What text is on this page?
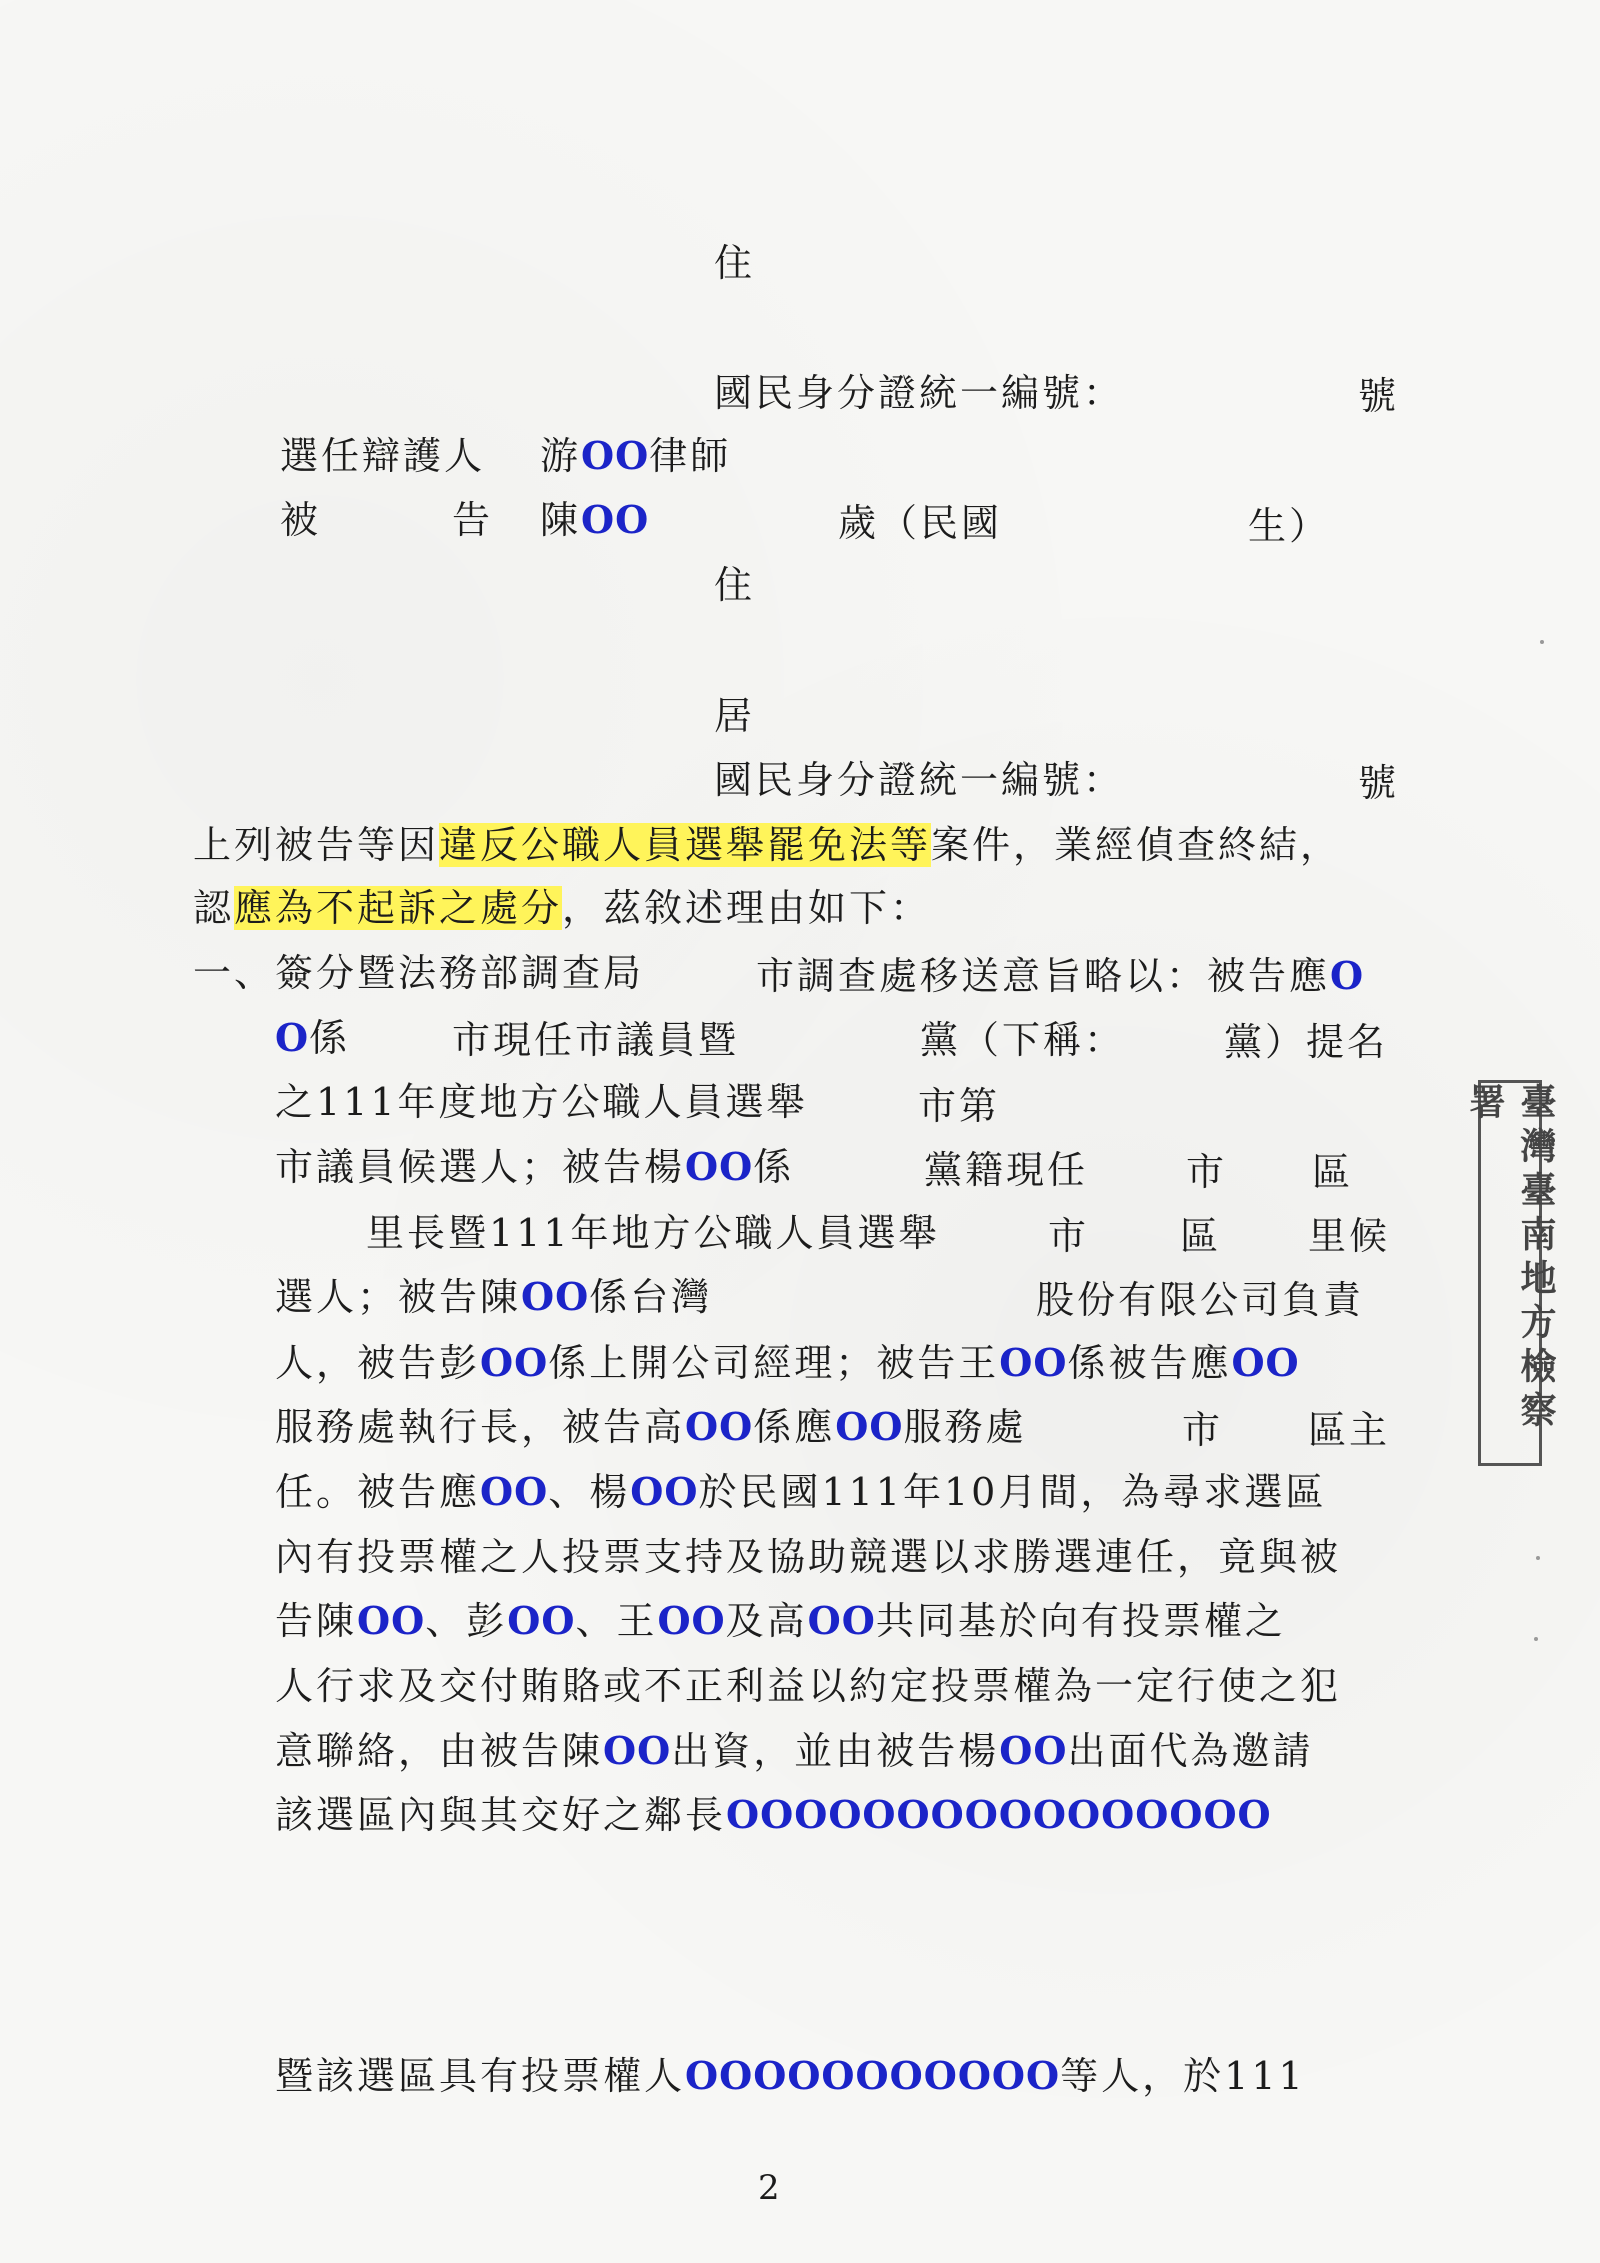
住
國民身分證統一編號：	號
選任辯護人 游OO律師
被	告 陳OO	歲（民國	生）
住
居
國民身分證統一編號：	號
上列被告等因違反公職人員選舉罷免法等案件，業經偵查終結，
認應為不起訴之處分，茲敘述理由如下：
一、簽分暨法務部調查局	市調查處移送意旨略以：被告應O
O係	市現任市議員暨	黨（下稱：	黨）提名
之111年度地方公職人員選舉	市第
市議員候選人；被告楊OO係	黨籍現任	市 區
里長暨111年地方公職人員選舉	市 區 里候
選人；被告陳OO係台灣	股份有限公司負責
人，被告彭OO係上開公司經理；被告王OO係被告應OO
服務處執行長，被告高OO係應OO服務處	市 區主
任。被告應OO、楊OO於民國111年10月間，為尋求選區
內有投票權之人投票支持及協助競選以求勝選連任，竟與被
告陳OO、彭OO、王OO及高OO共同基於向有投票權之
人行求及交付賄賂或不正利益以約定投票權為一定行使之犯
意聯絡，由被告陳OO出資，並由被告楊OO出面代為邀請
該選區內與其交好之鄰長OOOOOOOOOOOOOOOO
暨該選區具有投票權人OOOOOOOOOOO等人，於111
2
臺灣臺南地方檢察署
